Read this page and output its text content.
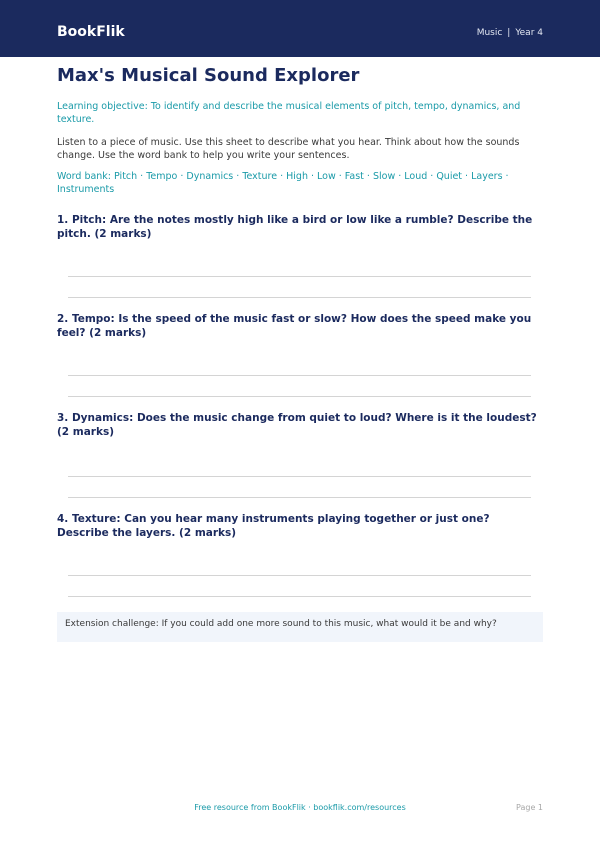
BookFlik	Music | Year 4
Max's Musical Sound Explorer
Learning objective: To identify and describe the musical elements of pitch, tempo, dynamics, and texture.
Listen to a piece of music. Use this sheet to describe what you hear. Think about how the sounds change. Use the word bank to help you write your sentences.
Word bank: Pitch · Tempo · Dynamics · Texture · High · Low · Fast · Slow · Loud · Quiet · Layers · Instruments
1. Pitch: Are the notes mostly high like a bird or low like a rumble? Describe the pitch. (2 marks)
2. Tempo: Is the speed of the music fast or slow? How does the speed make you feel? (2 marks)
3. Dynamics: Does the music change from quiet to loud? Where is it the loudest? (2 marks)
4. Texture: Can you hear many instruments playing together or just one? Describe the layers. (2 marks)
Extension challenge: If you could add one more sound to this music, what would it be and why?
Free resource from BookFlik · bookflik.com/resources	Page 1
